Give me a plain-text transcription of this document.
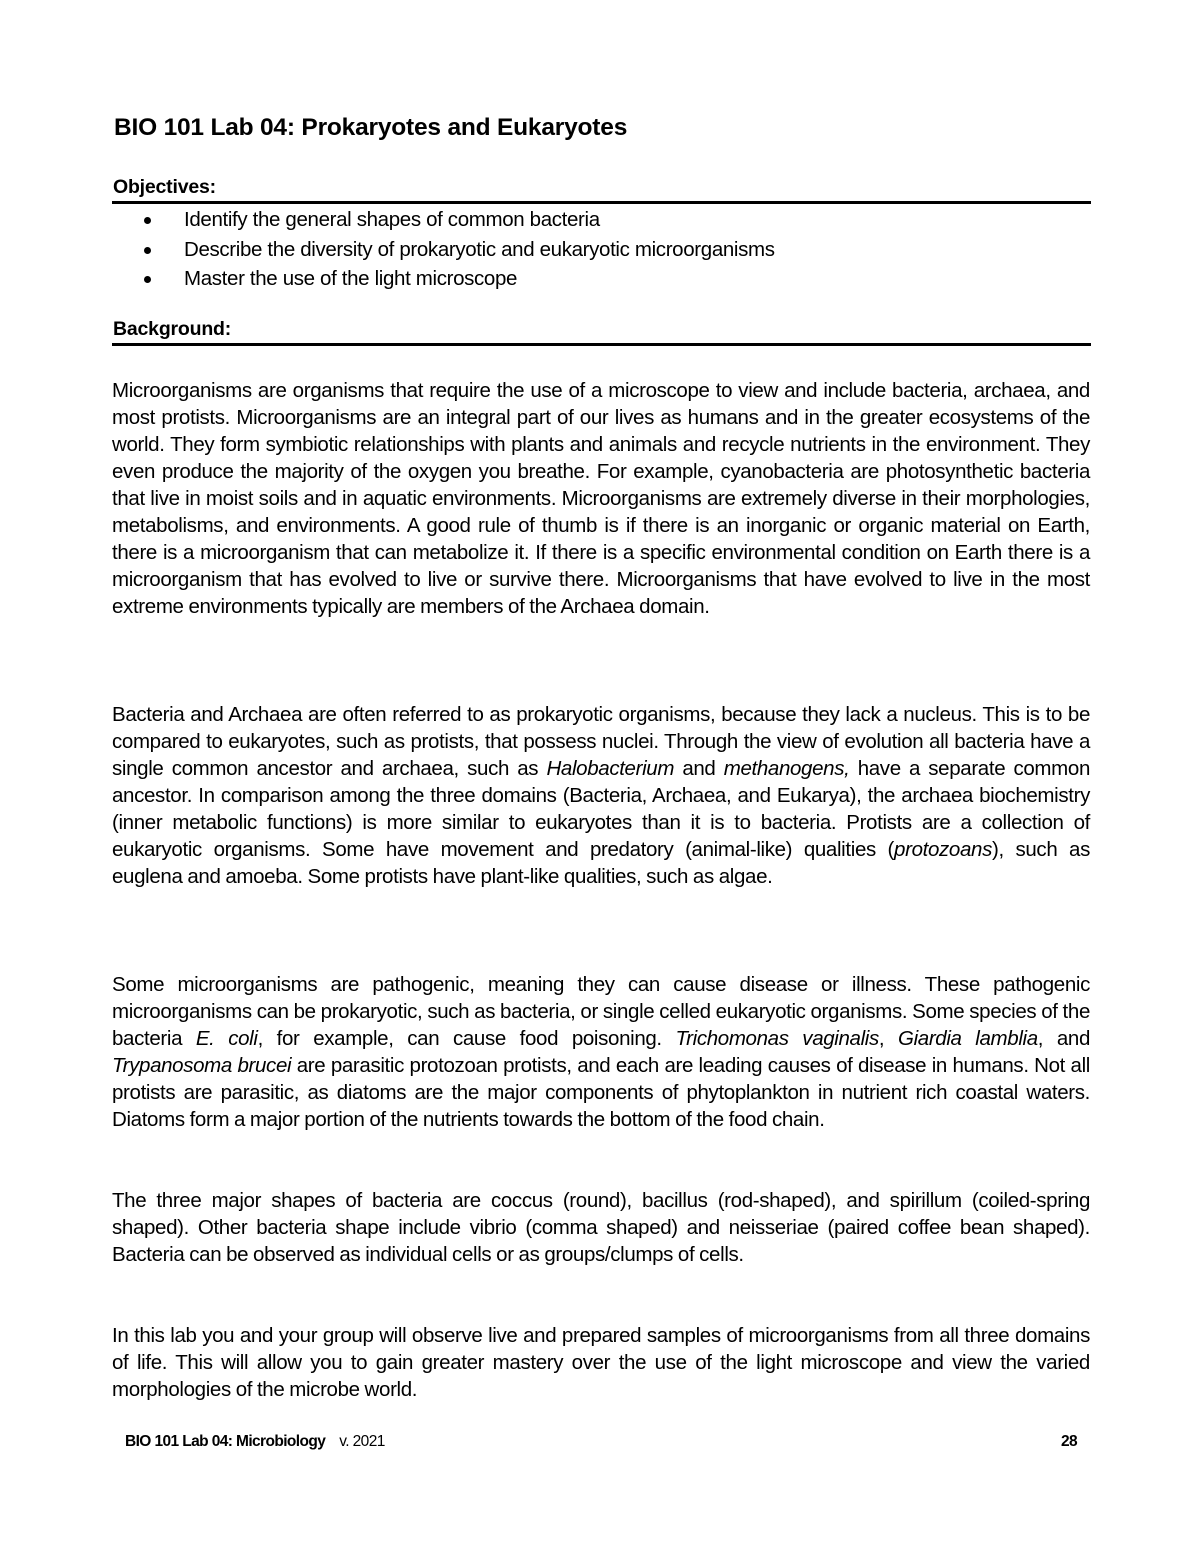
BIO 101 Lab 04: Prokaryotes and Eukaryotes
Objectives:
Identify the general shapes of common bacteria
Describe the diversity of prokaryotic and eukaryotic microorganisms
Master the use of the light microscope
Background:

Microorganisms are organisms that require the use of a microscope to view and include bacteria, archaea, and most protists. Microorganisms are an integral part of our lives as humans and in the greater ecosystems of the world. They form symbiotic relationships with plants and animals and recycle nutrients in the environment. They even produce the majority of the oxygen you breathe. For example, cyanobacteria are photosynthetic bacteria that live in moist soils and in aquatic environments. Microorganisms are extremely diverse in their morphologies, metabolisms, and environments. A good rule of thumb is if there is an inorganic or organic material on Earth, there is a microorganism that can metabolize it. If there is a specific environmental condition on Earth there is a microorganism that has evolved to live or survive there. Microorganisms that have evolved to live in the most extreme environments typically are members of the Archaea domain.

Bacteria and Archaea are often referred to as prokaryotic organisms, because they lack a nucleus. This is to be compared to eukaryotes, such as protists, that possess nuclei. Through the view of evolution all bacteria have a single common ancestor and archaea, such as Halobacterium and methanogens, have a separate common ancestor. In comparison among the three domains (Bacteria, Archaea, and Eukarya), the archaea biochemistry (inner metabolic functions) is more similar to eukaryotes than it is to bacteria. Protists are a collection of eukaryotic organisms. Some have movement and predatory (animal-like) qualities (protozoans), such as euglena and amoeba. Some protists have plant-like qualities, such as algae.

Some microorganisms are pathogenic, meaning they can cause disease or illness. These pathogenic microorganisms can be prokaryotic, such as bacteria, or single celled eukaryotic organisms. Some species of the bacteria E. coli, for example, can cause food poisoning. Trichomonas vaginalis, Giardia lamblia, and Trypanosoma brucei are parasitic protozoan protists, and each are leading causes of disease in humans. Not all protists are parasitic, as diatoms are the major components of phytoplankton in nutrient rich coastal waters. Diatoms form a major portion of the nutrients towards the bottom of the food chain.

The three major shapes of bacteria are coccus (round), bacillus (rod-shaped), and spirillum (coiled-spring shaped). Other bacteria shape include vibrio (comma shaped) and neisseriae (paired coffee bean shaped). Bacteria can be observed as individual cells or as groups/clumps of cells.

In this lab you and your group will observe live and prepared samples of microorganisms from all three domains of life. This will allow you to gain greater mastery over the use of the light microscope and view the varied morphologies of the microbe world.

BIO 101 Lab 04: Microbiology v. 2021	28
